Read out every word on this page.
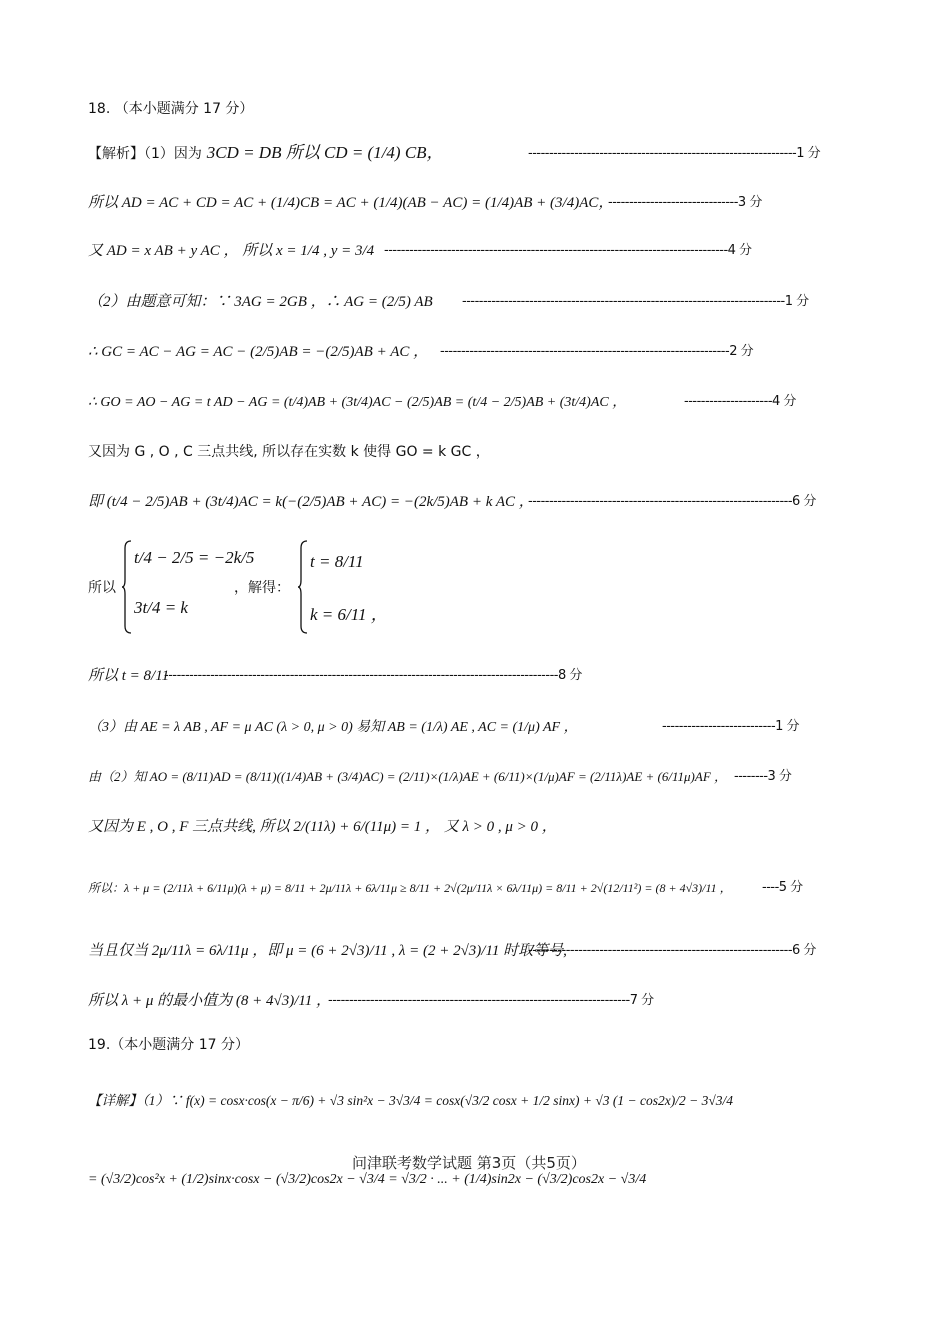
18. （本小题满分 17 分）
【解析】（1）因为 3CD = DB 所以 CD = (1/4) CB，	----------------------------------------------------------------1 分
所以 AD = AC + CD = AC + (1/4)CB = AC + (1/4)(AB − AC) = (1/4)AB + (3/4)AC，
-------------------------------3 分
又 AD = x AB + y AC ， 所以 x = 1/4 , y = 3/4 ----------------------------------------------------------------------------------4 分
（2）由题意可知：∵ 3AG = 2GB ，∴ AG = (2/5) AB -----------------------------------------------------------------------------1 分
∴ GC = AC − AG = AC − (2/5)AB = −(2/5)AB + AC ， ---------------------------------------------------------------------2 分
∴ GO = AO − AG = t AD − AG = (t/4)AB + (3t/4)AC − (2/5)AB = (t/4 − 2/5)AB + (3t/4)AC ，	---------------------4 分
又因为 G , O , C 三点共线, 所以存在实数 k 使得 GO = k GC ，
即 (t/4 − 2/5)AB + (3t/4)AC = k(−(2/5)AB + AC) = −(2k/5)AB + k AC ，
---------------------------------------------------------------6 分
所以
t/4 − 2/5 = −2k/5
3t/4 = k
，解得：
t = 8/11
k = 6/11 ，
所以 t = 8/11
----------------------------------------------------------------------------------------------8 分
（3）由 AE = λ AB , AF = μ AC (λ > 0, μ > 0) 易知 AB = (1/λ) AE , AC = (1/μ) AF ，	---------------------------1 分
由（2）知 AO = (8/11)AD = (8/11)((1/4)AB + (3/4)AC) = (2/11)×(1/λ)AE + (6/11)×(1/μ)AF = (2/11λ)AE + (6/11μ)AF ， --------3 分
又因为 E , O , F 三点共线, 所以 2/(11λ) + 6/(11μ) = 1 ， 又 λ > 0 , μ > 0 ，
所以：λ + μ = (2/11λ + 6/11μ)(λ + μ) = 8/11 + 2μ/11λ + 6λ/11μ ≥ 8/11 + 2√(2μ/11λ × 6λ/11μ) = 8/11 + 2√(12/11²) = (8 + 4√3)/11 ， ----5 分
当且仅当 2μ/11λ = 6λ/11μ ，即 μ = (6 + 2√3)/11 , λ = (2 + 2√3)/11 时取等号,
---------------------------------------------------------------6 分
所以 λ + μ 的最小值为 (8 + 4√3)/11 ，
------------------------------------------------------------------------7 分
19.（本小题满分 17 分）
【详解】（1）∵ f(x) = cosx·cos(x − π/6) + √3 sin²x − 3√3/4 = cosx(√3/2 cosx + 1/2 sinx) + √3 (1 − cos2x)/2 − 3√3/4
= (√3/2)cos²x + (1/2)sinx·cosx − (√3/2)cos2x − √3/4 = √3/2 · ... + (1/4)sin2x − (√3/2)cos2x − √3/4
问津联考数学试题 第3页（共5页）
